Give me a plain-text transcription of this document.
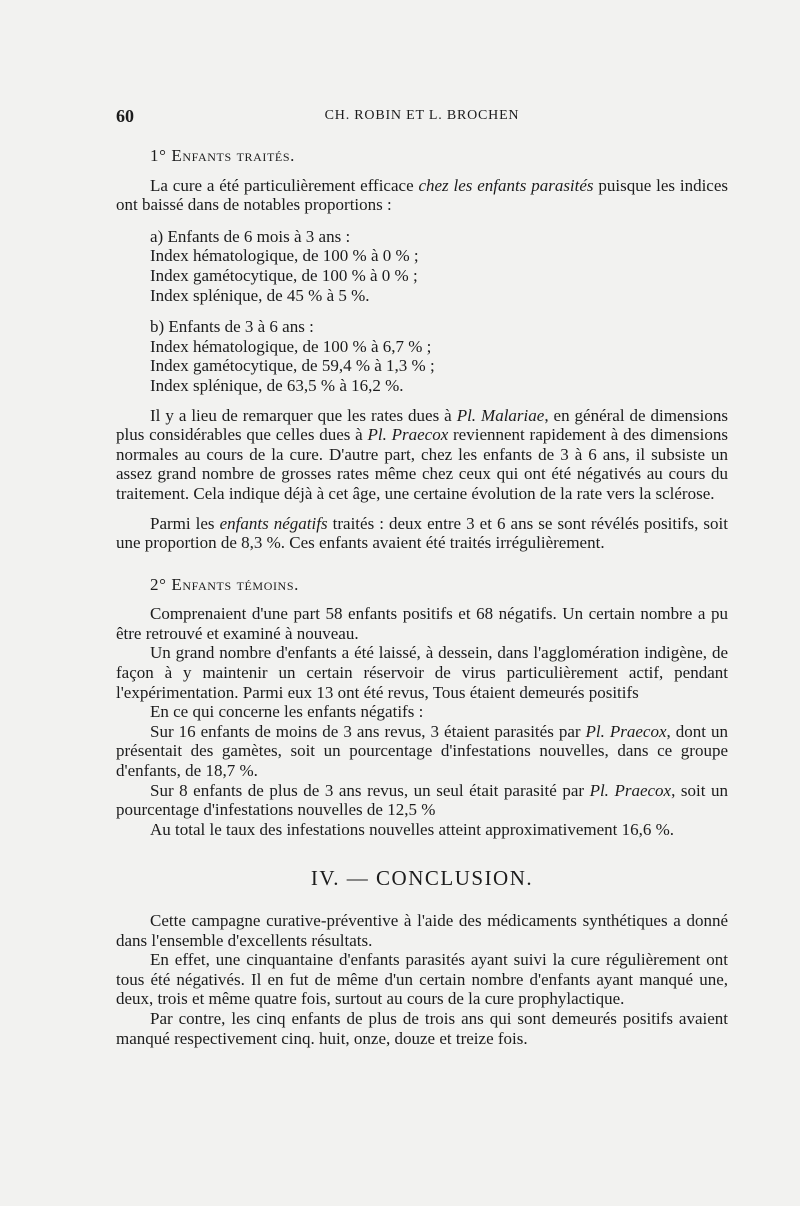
60	CH. ROBIN ET L. BROCHEN
1° Enfants traités.

La cure a été particulièrement efficace chez les enfants parasités puisque les indices ont baissé dans de notables proportions :

a) Enfants de 6 mois à 3 ans :
Index hématologique, de 100 % à 0 % ;
Index gamétocytique, de 100 % à 0 % ;
Index splénique, de 45 % à 5 %.
b) Enfants de 3 à 6 ans :
Index hématologique, de 100 % à 6,7 % ;
Index gamétocytique, de 59,4 % à 1,3 % ;
Index splénique, de 63,5 % à 16,2 %.

Il y a lieu de remarquer que les rates dues à Pl. Malariae, en général de dimensions plus considérables que celles dues à Pl. Praecox reviennent rapidement à des dimensions normales au cours de la cure. D'autre part, chez les enfants de 3 à 6 ans, il subsiste un assez grand nombre de grosses rates même chez ceux qui ont été négativés au cours du traitement. Cela indique déjà à cet âge, une certaine évolution de la rate vers la sclérose.

Parmi les enfants négatifs traités : deux entre 3 et 6 ans se sont révélés positifs, soit une proportion de 8,3 %. Ces enfants avaient été traités irrégulièrement.

2° Enfants témoins.

Comprenaient d'une part 58 enfants positifs et 68 négatifs. Un certain nombre a pu être retrouvé et examiné à nouveau.

Un grand nombre d'enfants a été laissé, à dessein, dans l'agglomération indigène, de façon à y maintenir un certain réservoir de virus particulièrement actif, pendant l'expérimentation. Parmi eux 13 ont été revus, Tous étaient demeurés positifs

En ce qui concerne les enfants négatifs :

Sur 16 enfants de moins de 3 ans revus, 3 étaient parasités par Pl. Praecox, dont un présentait des gamètes, soit un pourcentage d'infestations nouvelles, dans ce groupe d'enfants, de 18,7 %.

Sur 8 enfants de plus de 3 ans revus, un seul était parasité par Pl. Praecox, soit un pourcentage d'infestations nouvelles de 12,5 %

Au total le taux des infestations nouvelles atteint approximativement 16,6 %.

IV. — CONCLUSION.

Cette campagne curative-préventive à l'aide des médicaments synthétiques a donné dans l'ensemble d'excellents résultats.

En effet, une cinquantaine d'enfants parasités ayant suivi la cure régulièrement ont tous été négativés. Il en fut de même d'un certain nombre d'enfants ayant manqué une, deux, trois et même quatre fois, surtout au cours de la cure prophylactique.

Par contre, les cinq enfants de plus de trois ans qui sont demeurés positifs avaient manqué respectivement cinq. huit, onze, douze et treize fois.
